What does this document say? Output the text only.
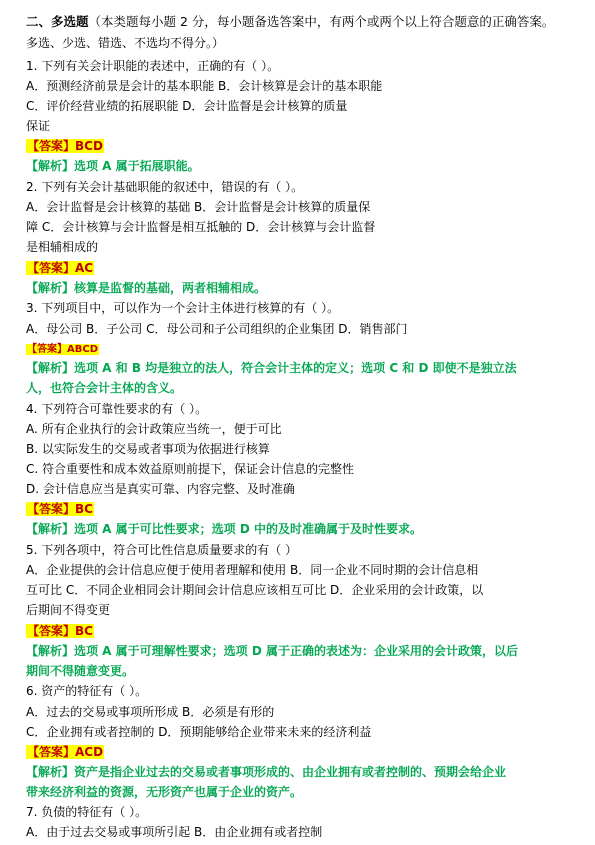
二、多选题（本类题每小题 2 分，每小题备选答案中，有两个或两个以上符合题意的正确答案。
多选、少选、错选、不选均不得分。）
1. 下列有关会计职能的表述中，正确的有（ ）。
A．预测经济前景是会计的基本职能 B．会计核算是会计的基本职能
C．评价经营业绩的拓展职能 D．会计监督是会计核算的质量
保证
【答案】BCD
【解析】选项 A 属于拓展职能。
2. 下列有关会计基础职能的叙述中，错误的有（ ）。
A．会计监督是会计核算的基础 B．会计监督是会计核算的质量保
障 C．会计核算与会计监督是相互抵触的 D．会计核算与会计监督
是相辅相成的
【答案】AC
【解析】核算是监督的基础，两者相辅相成。
3. 下列项目中，可以作为一个会计主体进行核算的有（ ）。
A．母公司 B．子公司 C．母公司和子公司组织的企业集团 D．销售部门
【答案】ABCD
【解析】选项 A 和 B 均是独立的法人，符合会计主体的定义；选项 C 和 D 即使不是独立法
人，也符合会计主体的含义。
4. 下列符合可靠性要求的有（ ）。
A. 所有企业执行的会计政策应当统一，便于可比
B. 以实际发生的交易或者事项为依据进行核算
C. 符合重要性和成本效益原则前提下，保证会计信息的完整性
D. 会计信息应当是真实可靠、内容完整、及时准确
【答案】BC
【解析】选项 A 属于可比性要求；选项 D 中的及时准确属于及时性要求。
5. 下列各项中，符合可比性信息质量要求的有（ ）
A．企业提供的会计信息应便于使用者理解和使用 B．同一企业不同时期的会计信息相
互可比 C．不同企业相同会计期间会计信息应该相互可比 D．企业采用的会计政策，以
后期间不得变更
【答案】BC
【解析】选项 A 属于可理解性要求；选项 D 属于正确的表述为：企业采用的会计政策，以后
期间不得随意变更。
6. 资产的特征有（ ）。
A．过去的交易或事项所形成 B．必须是有形的
C．企业拥有或者控制的 D．预期能够给企业带来未来的经济利益
【答案】ACD
【解析】资产是指企业过去的交易或者事项形成的、由企业拥有或者控制的、预期会给企业
带来经济利益的资源，无形资产也属于企业的资产。
7. 负债的特征有（ ）。
A．由于过去交易或事项所引起 B．由企业拥有或者控制
